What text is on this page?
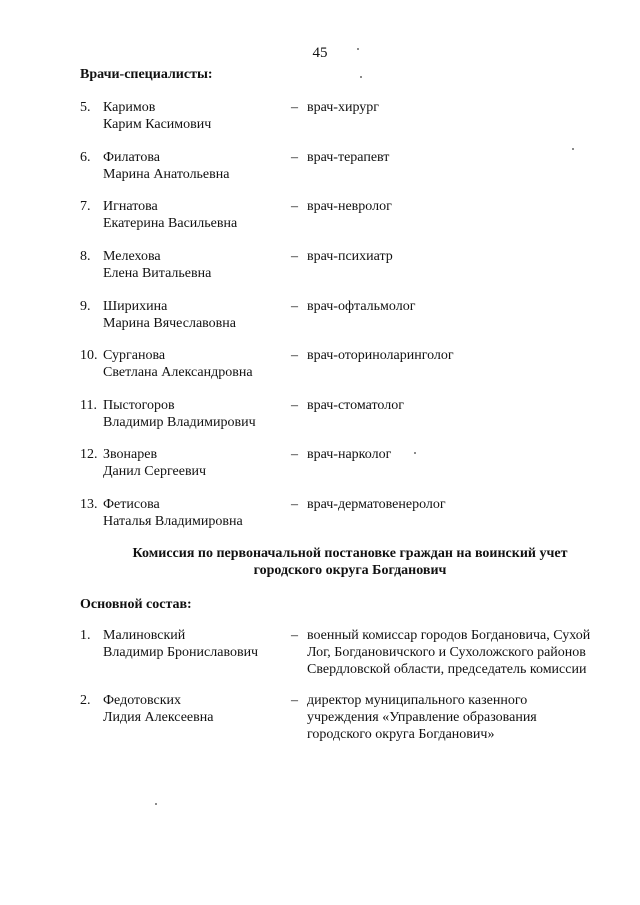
45
Врачи-специалисты:
5. Каримов
Карим Касимович
– врач-хирург
6. Филатова
Марина Анатольевна
– врач-терапевт
7. Игнатова
Екатерина Васильевна
– врач-невролог
8. Мелехова
Елена Витальевна
– врач-психиатр
9. Ширихина
Марина Вячеславовна
– врач-офтальмолог
10. Сурганова
Светлана Александровна
– врач-оториноларинголог
11. Пыстогоров
Владимир Владимирович
– врач-стоматолог
12. Звонарев
Данил Сергеевич
– врач-нарколог
13. Фетисова
Наталья Владимировна
– врач-дерматовенеролог
Комиссия по первоначальной постановке граждан на воинский учет
городского округа Богданович
Основной состав:
1. Малиновский
Владимир Брониславович
– военный комиссар городов Богдановича, Сухой
Лог, Богдановичского и Сухоложского районов
Свердловской области, председатель комиссии
2. Федотовских
Лидия Алексеевна
– директор муниципального казенного
учреждения «Управление образования
городского округа Богданович»
